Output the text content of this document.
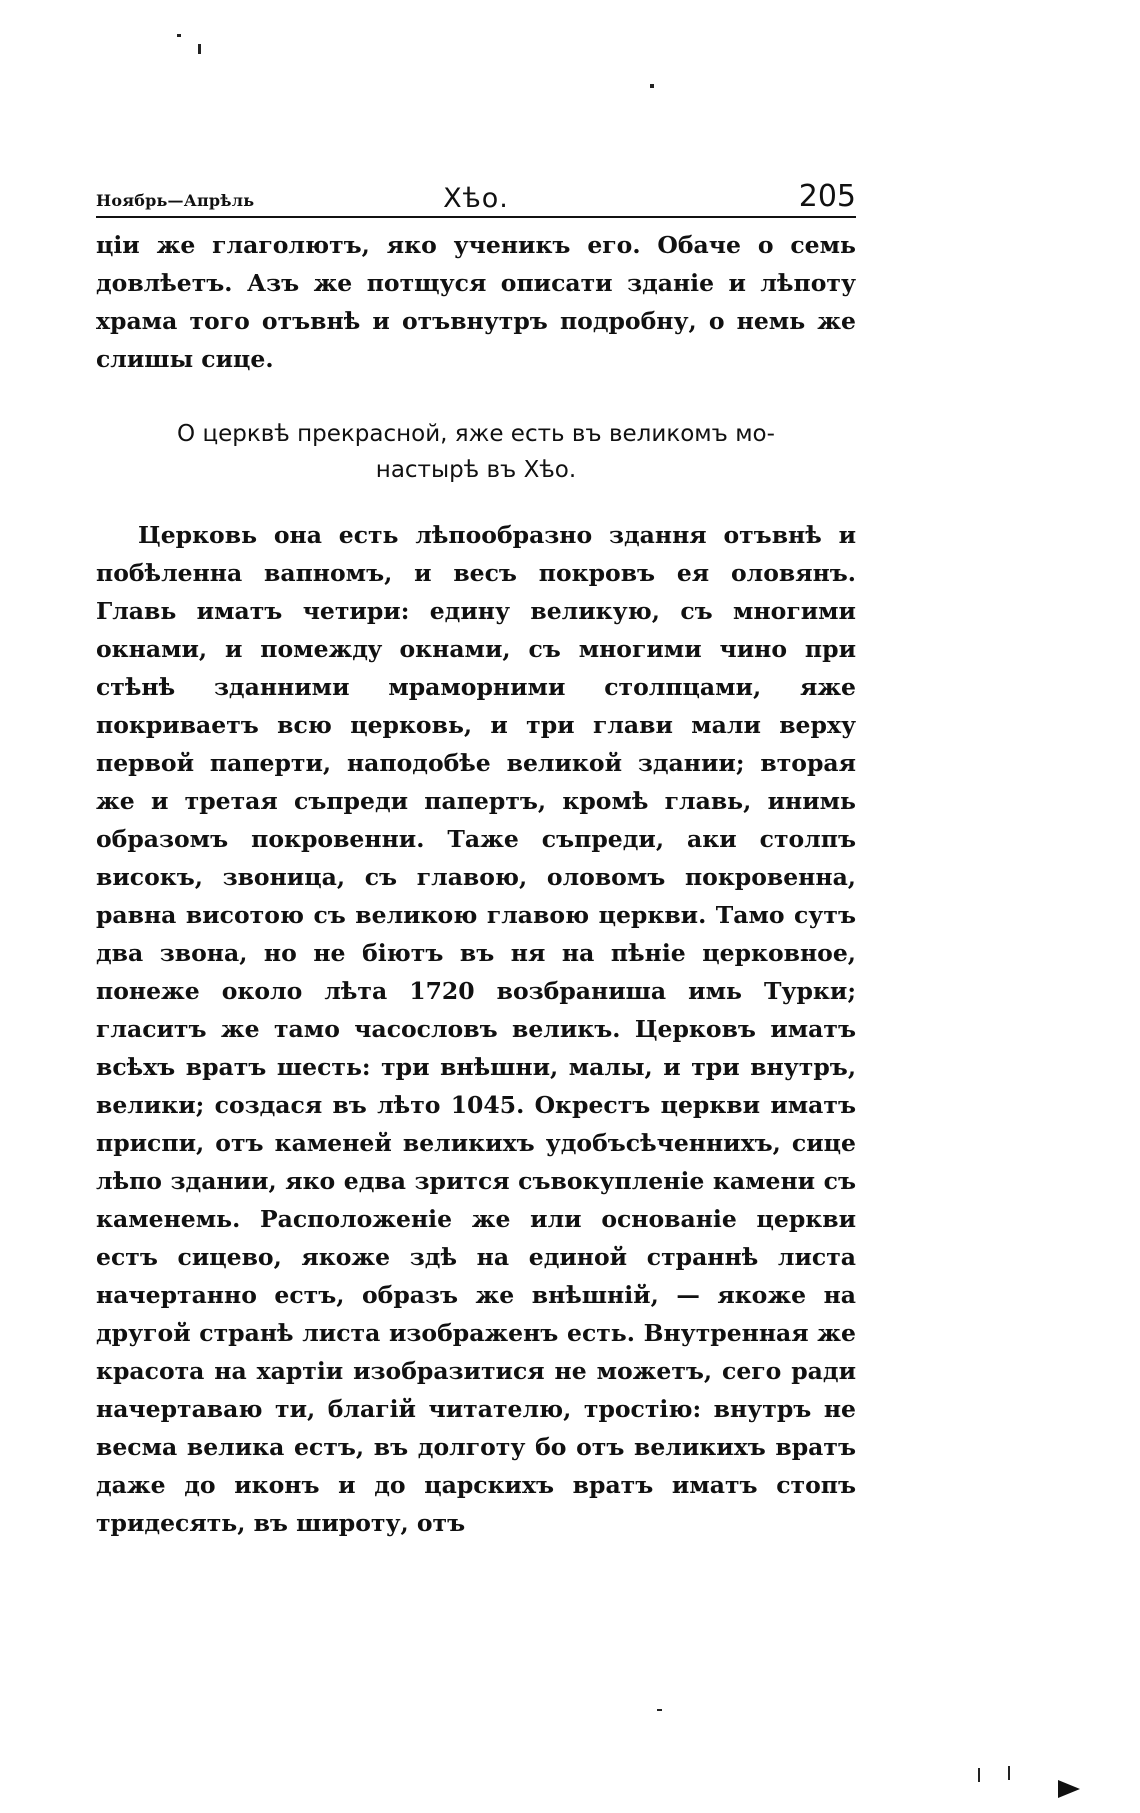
Ноябрь—Апрѣль	Хѣо.	205
ціи же глаголютъ, яко ученикъ его. Обаче о семь довлѣетъ. Азъ же потщуся описати зданіе и лѣпоту храма того отъвнѣ и отъвнутръ подробну, о немь же слишы сице.
О церквѣ прекрасной, яже есть въ великомъ мо-
настырѣ въ Хѣо.
Церковь она есть лѣпообразно здання отъвнѣ и побѣленна вапномъ, и весъ покровъ ея оловянъ. Главь иматъ четири: едину великую, съ многими окнами, и помеждy окнами, съ многими чино при стѣнѣ зданними мраморними столпцами, яже покриваетъ всю церковь, и три глави мали верху первой паперти, наподобѣе великой здании; вторая же и третая съпреди папертъ, кромѣ главь, инимь образомъ покровенни. Таже съпреди, аки столпъ високъ, звоница, съ главою, оловомъ покровенна, равна висотою съ великою главою церкви. Тамо сутъ два звона, но не біютъ въ ня на пѣніе церковное, понеже около лѣта 1720 возбраниша имь Турки; гласитъ же тамо часословъ великъ. Церковъ иматъ всѣхъ вратъ шесть: три внѣшни, малы, и три внутръ, велики; создася въ лѣто 1045. Окрестъ церкви иматъ приспи, отъ каменей великихъ удобъсѣченнихъ, сице лѣпо здании, яко едва зрится съвокупленіе камени съ каменемь. Расположеніе же или основаніе церкви естъ сицево, якоже здѣ на единой страннѣ листа начертанно естъ, образъ же внѣшній, — якоже на другой странѣ листа изображенъ есть. Внутренная же красота на хартіи изобразитися не можетъ, сего ради начертаваю ти, благій читателю, тростію: внутръ не весма велика естъ, въ долготу бо отъ великихъ вратъ даже до иконъ и до царскихъ вратъ иматъ стопъ тридесять, въ широту, отъ
